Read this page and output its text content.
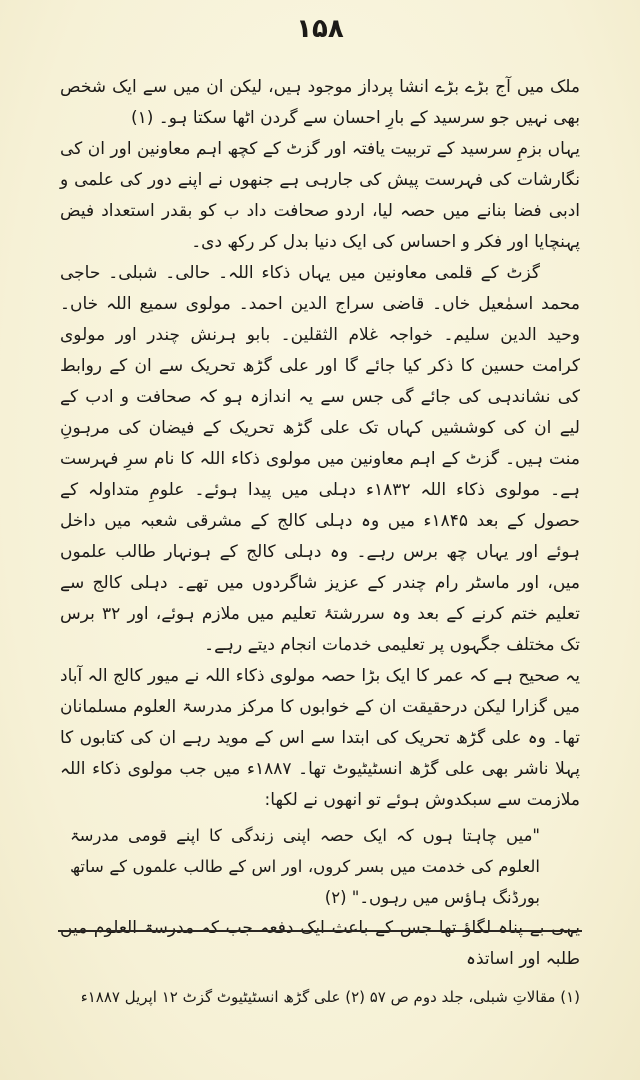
۱۵۸

ملک میں آج بڑے بڑے انشا پرداز موجود ہیں، لیکن ان میں سے ایک شخص بھی نہیں جو سرسید کے بارِ احسان سے گردن اٹھا سکتا ہو۔ (۱)

یہاں بزمِ سرسید کے تربیت یافتہ اور گزٹ کے کچھ اہم معاونین اور ان کی نگارشات کی فہرست پیش کی جارہی ہے جنھوں نے اپنے دور کی علمی و ادبی فضا بنانے میں حصہ لیا، اردو صحافت داد ب کو بقدر استعداد فیض پہنچایا اور فکر و احساس کی ایک دنیا بدل کر رکھ دی۔

گزٹ کے قلمی معاونین میں یہاں ذکاء اللہ۔ حالی۔ شبلی۔ حاجی محمد اسمٰعیل خاں۔ قاضی سراج الدین احمد۔ مولوی سمیع اللہ خاں۔ وحید الدین سلیم۔ خواجہ غلام الثقلین۔ بابو ہرنش چندر اور مولوی کرامت حسین کا ذکر کیا جائے گا اور علی گڑھ تحریک سے ان کے روابط کی نشاندہی کی جائے گی جس سے یہ اندازہ ہو کہ صحافت و ادب کے لیے ان کی کوششیں کہاں تک علی گڑھ تحریک کے فیضان کی مرہونِ منت ہیں۔ گزٹ کے اہم معاونین میں مولوی ذکاء اللہ کا نام سرِ فہرست ہے۔ مولوی ذکاء اللہ ۱۸۳۲ء دہلی میں پیدا ہوئے۔ علومِ متداولہ کے حصول کے بعد ۱۸۴۵ء میں وہ دہلی کالج کے مشرقی شعبہ میں داخل ہوئے اور یہاں چھ برس رہے۔ وہ دہلی کالج کے ہونہار طالب علموں میں، اور ماسٹر رام چندر کے عزیز شاگردوں میں تھے۔ دہلی کالج سے تعلیم ختم کرنے کے بعد وہ سررشتۂ تعلیم میں ملازم ہوئے، اور ۳۲ برس تک مختلف جگہوں پر تعلیمی خدمات انجام دیتے رہے۔

یہ صحیح ہے کہ عمر کا ایک بڑا حصہ مولوی ذکاء اللہ نے میور کالج الہ آباد میں گزارا لیکن درحقیقت ان کے خوابوں کا مرکز مدرسۃ العلوم مسلمانان تھا۔ وہ علی گڑھ تحریک کی ابتدا سے اس کے موید رہے ان کی کتابوں کا پہلا ناشر بھی علی گڑھ انسٹیٹیوٹ تھا۔ ۱۸۸۷ء میں جب مولوی ذکاء اللہ ملازمت سے سبکدوش ہوئے تو انھوں نے لکھا:

"میں چاہتا ہوں کہ ایک حصہ اپنی زندگی کا اپنے قومی مدرسۃ العلوم کی خدمت میں بسر کروں، اور اس کے طالب علموں کے ساتھ بورڈنگ ہاؤس میں رہوں۔" (۲)

یہی بے پناہ لگاؤ تھا جس کے باعث ایک دفعہ جب کہ مدرسۃ العلوم میں طلبہ اور اساتذہ

(۱) مقالاتِ شبلی، جلد دوم ص ۵۷ (۲) علی گڑھ انسٹیٹیوٹ گزٹ ۱۲ اپریل ۱۸۸۷ء
